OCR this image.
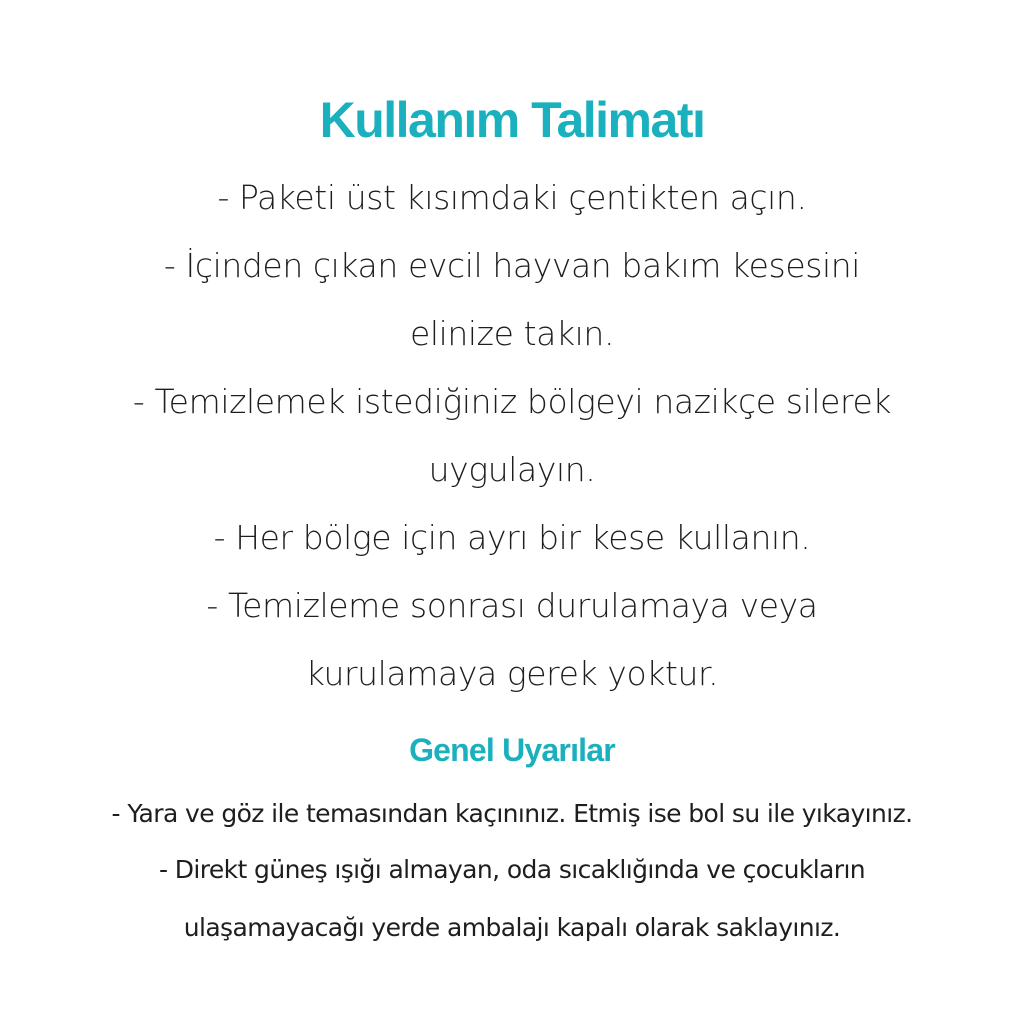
Kullanım Talimatı

- Paketi üst kısımdaki çentikten açın.

- İçinden çıkan evcil hayvan bakım kesesini

elinize takın.

- Temizlemek istediğiniz bölgeyi nazikçe silerek

uygulayın.

- Her bölge için ayrı bir kese kullanın.

- Temizleme sonrası durulamaya veya

kurulamaya gerek yoktur.

Genel Uyarılar

- Yara ve göz ile temasından kaçınınız. Etmiş ise bol su ile yıkayınız.

- Direkt güneş ışığı almayan, oda sıcaklığında ve çocukların

ulaşamayacağı yerde ambalajı kapalı olarak saklayınız.
